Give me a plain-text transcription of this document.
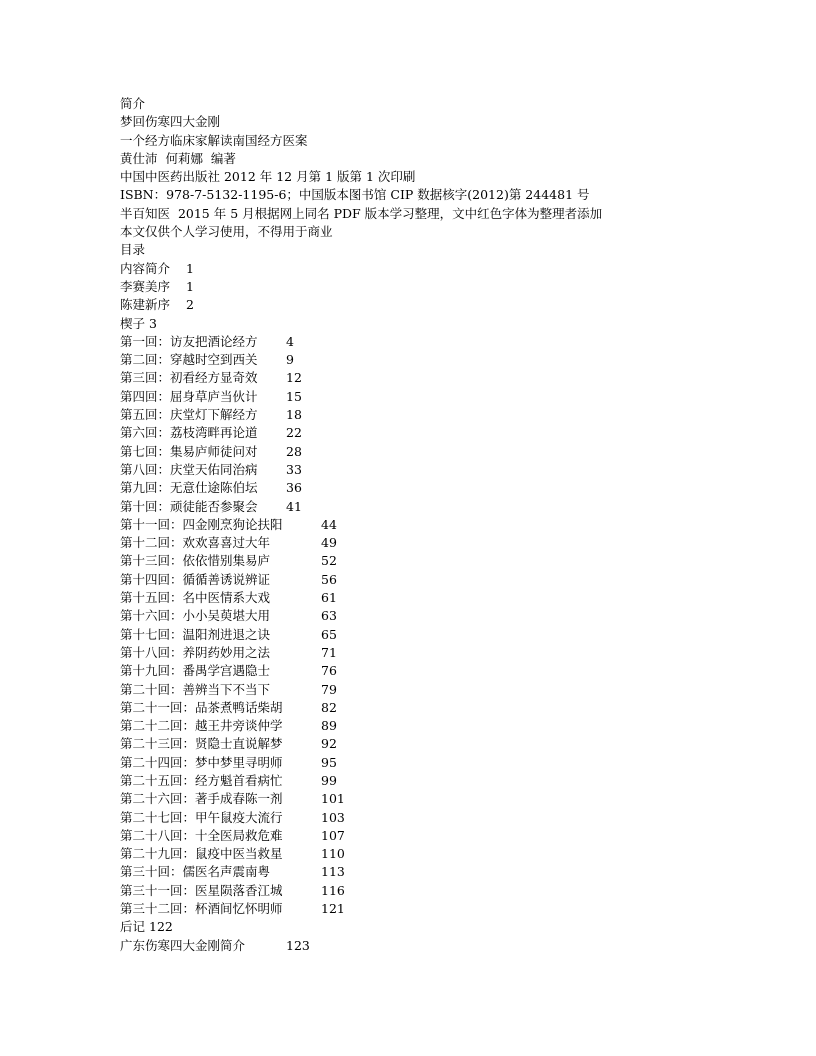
简介
梦回伤寒四大金刚
一个经方临床家解读南国经方医案
黄仕沛  何莉娜  编著
中国中医药出版社 2012 年 12 月第 1 版第 1 次印刷
ISBN：978-7-5132-1195-6；中国版本图书馆 CIP 数据核字(2012)第 244481 号
半百知医  2015 年 5 月根据网上同名 PDF 版本学习整理，文中红色字体为整理者添加
本文仅供个人学习使用，不得用于商业
目录
内容简介	1
李赛美序	1
陈建新序	2
楔子 3
第一回：访友把酒论经方	4
第二回：穿越时空到西关	9
第三回：初看经方显奇效	12
第四回：屈身草庐当伙计	15
第五回：庆堂灯下解经方	18
第六回：荔枝湾畔再论道	22
第七回：集易庐师徒问对	28
第八回：庆堂天佑同治病	33
第九回：无意仕途陈伯坛	36
第十回：顽徒能否参聚会	41
第十一回：四金刚烹狗论扶阳	44
第十二回：欢欢喜喜过大年	49
第十三回：依依惜别集易庐	52
第十四回：循循善诱说辨证	56
第十五回：名中医情系大戏	61
第十六回：小小吴萸堪大用	63
第十七回：温阳剂进退之诀	65
第十八回：养阴药妙用之法	71
第十九回：番禺学宫遇隐士	76
第二十回：善辨当下不当下	79
第二十一回：品茶煮鸭话柴胡	82
第二十二回：越王井旁谈仲学	89
第二十三回：贤隐士直说解梦	92
第二十四回：梦中梦里寻明师	95
第二十五回：经方魁首看病忙	99
第二十六回：著手成春陈一剂	101
第二十七回：甲午鼠疫大流行	103
第二十八回：十全医局救危难	107
第二十九回：鼠疫中医当救星	110
第三十回：儒医名声震南粤	113
第三十一回：医星陨落香江城	116
第三十二回：杯酒间忆怀明师	121
后记 122
广东伤寒四大金刚简介	123
